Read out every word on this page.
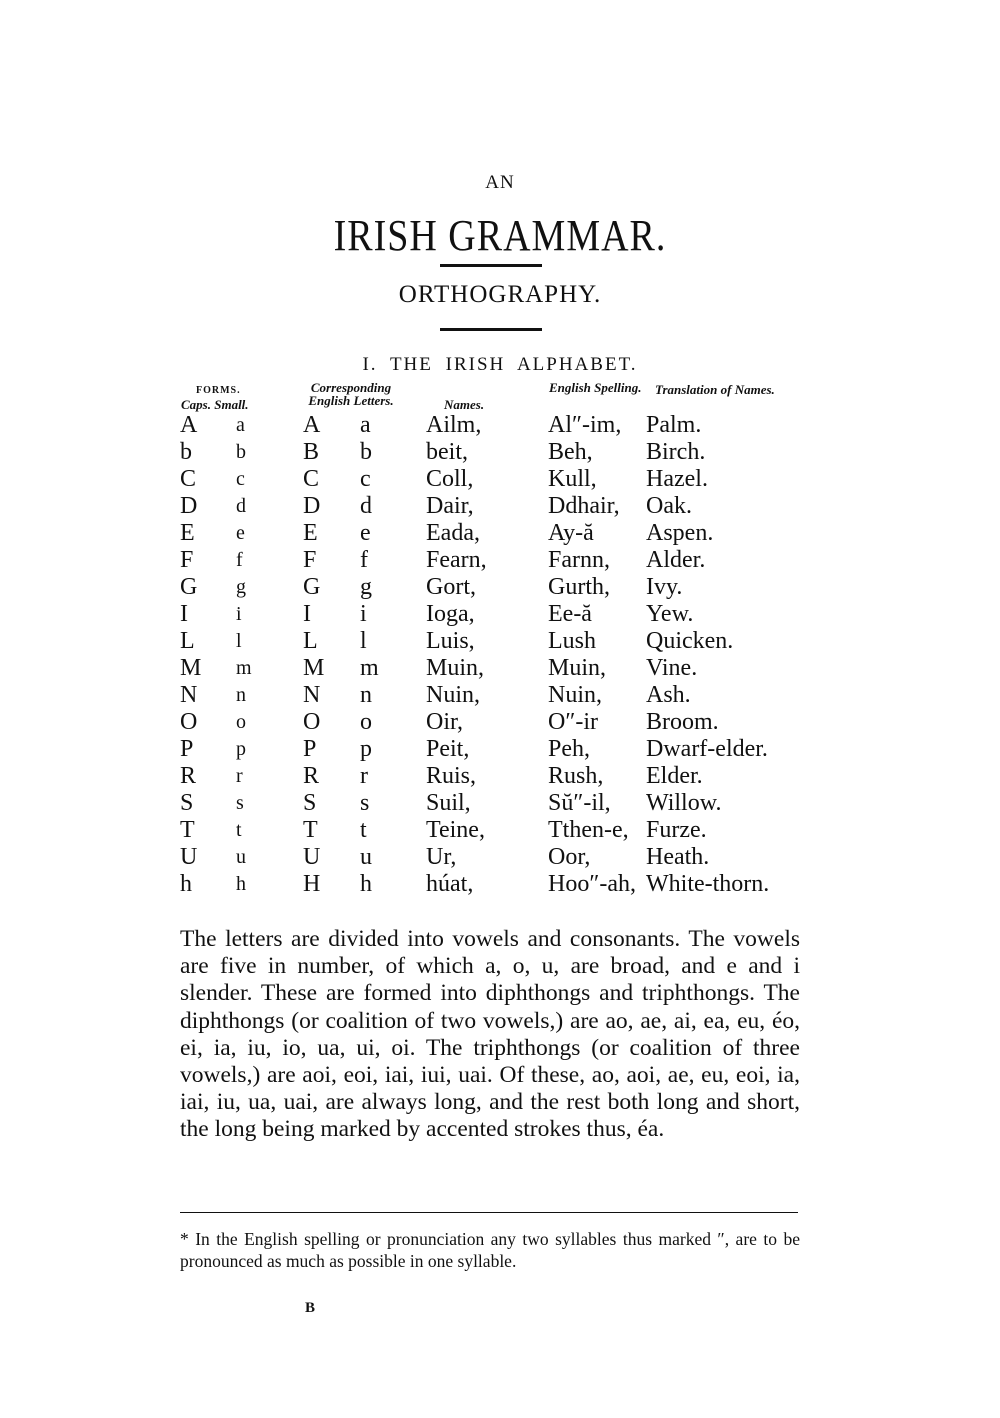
AN
IRISH GRAMMAR.
ORTHOGRAPHY.
I. THE IRISH ALPHABET.
FORMS.
Caps. Small.
Corresponding English Letters.	Names.
English Spelling. Translation of Names.
A a A a Ailm,	Al″-im, Palm.
b b B b beit,	Beh, Birch.
C c C c Coll,	Kull, Hazel.
D d D d Dair,	Ddhair, Oak.
E e E e Eada,	Ay-ă Aspen.
F f	F f Fearn,	Farnn, Alder.
G g G g Gort,	Gurth, Ivy.
I i	I i Ioga,	Ee-ă Yew.
L l	L l Luis,	Lush Quicken.
M m M m Muin,	Muin, Vine.
N n N n Nuin,	Nuin, Ash.
O o O o Oir,	O″-ir Broom.
P p P p Peit,	Peh, Dwarf-elder.
R r	R r Ruis,	Rush, Elder.
S s S s Suil,	Sŭ″-il, Willow.
T t	T t Teine,	Tthen-e, Furze.
U u U u Ur,	Oor, Heath.
h h H h húat,	Hoo″-ah, White-thorn.
The letters are divided into vowels and consonants. The vowels are five in number, of which a, o, u, are broad, and e and i slender. These are formed into diphthongs and triphthongs. The diphthongs (or coalition of two vowels,) are ao, ae, ai, ea, eu, éo, ei, ia, iu, io, ua, ui, oi. The triphthongs (or coalition of three vowels,) are aoi, eoi, iai, iui, uai. Of these, ao, aoi, ae, eu, eoi, ia, iai, iu, ua, uai, are always long, and the rest both long and short, the long being marked by accented strokes thus, éa.
* In the English spelling or pronunciation any two syllables thus marked ″, are to be pronounced as much as possible in one syllable.
B
